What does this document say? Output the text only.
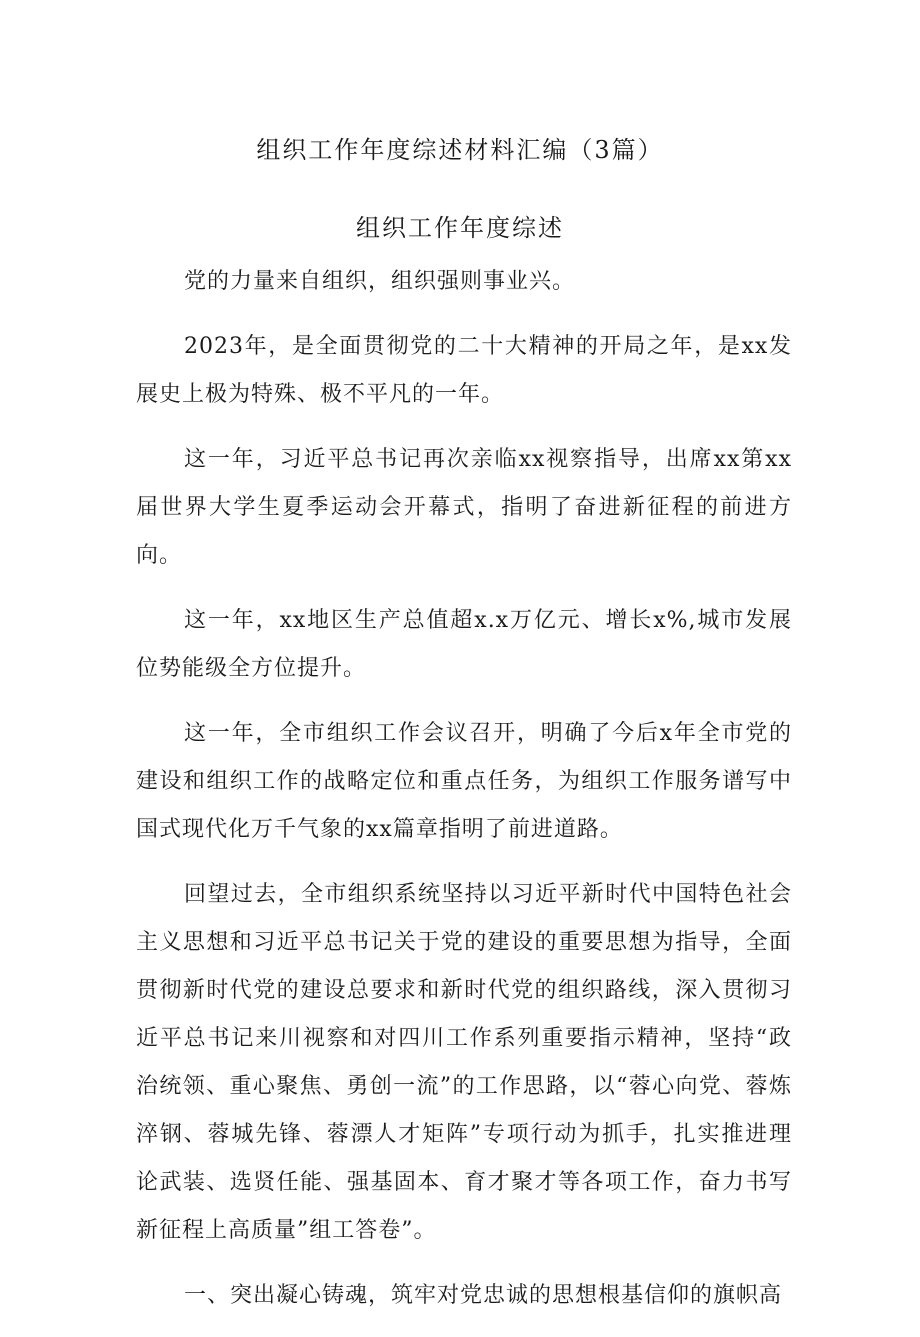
组织工作年度综述材料汇编（3篇）
组织工作年度综述

党的力量来自组织，组织强则事业兴。

2023年，是全面贯彻党的二十大精神的开局之年，是xx发展史上极为特殊、极不平凡的一年。

这一年，习近平总书记再次亲临xx视察指导，出席xx第xx届世界大学生夏季运动会开幕式，指明了奋进新征程的前进方向。

这一年，xx地区生产总值超x.x万亿元、增长x%,城市发展位势能级全方位提升。

这一年，全市组织工作会议召开，明确了今后x年全市党的建设和组织工作的战略定位和重点任务，为组织工作服务谱写中国式现代化万千气象的xx篇章指明了前进道路。

回望过去，全市组织系统坚持以习近平新时代中国特色社会主义思想和习近平总书记关于党的建设的重要思想为指导，全面贯彻新时代党的建设总要求和新时代党的组织路线，深入贯彻习近平总书记来川视察和对四川工作系列重要指示精神，坚持“政治统领、重心聚焦、勇创一流”的工作思路，以“蓉心向党、蓉炼淬钢、蓉城先锋、蓉漂人才矩阵”专项行动为抓手，扎实推进理论武装、选贤任能、强基固本、育才聚才等各项工作，奋力书写新征程上高质量”组工答卷”。

一、突出凝心铸魂，筑牢对党忠诚的思想根基信仰的旗帜高
